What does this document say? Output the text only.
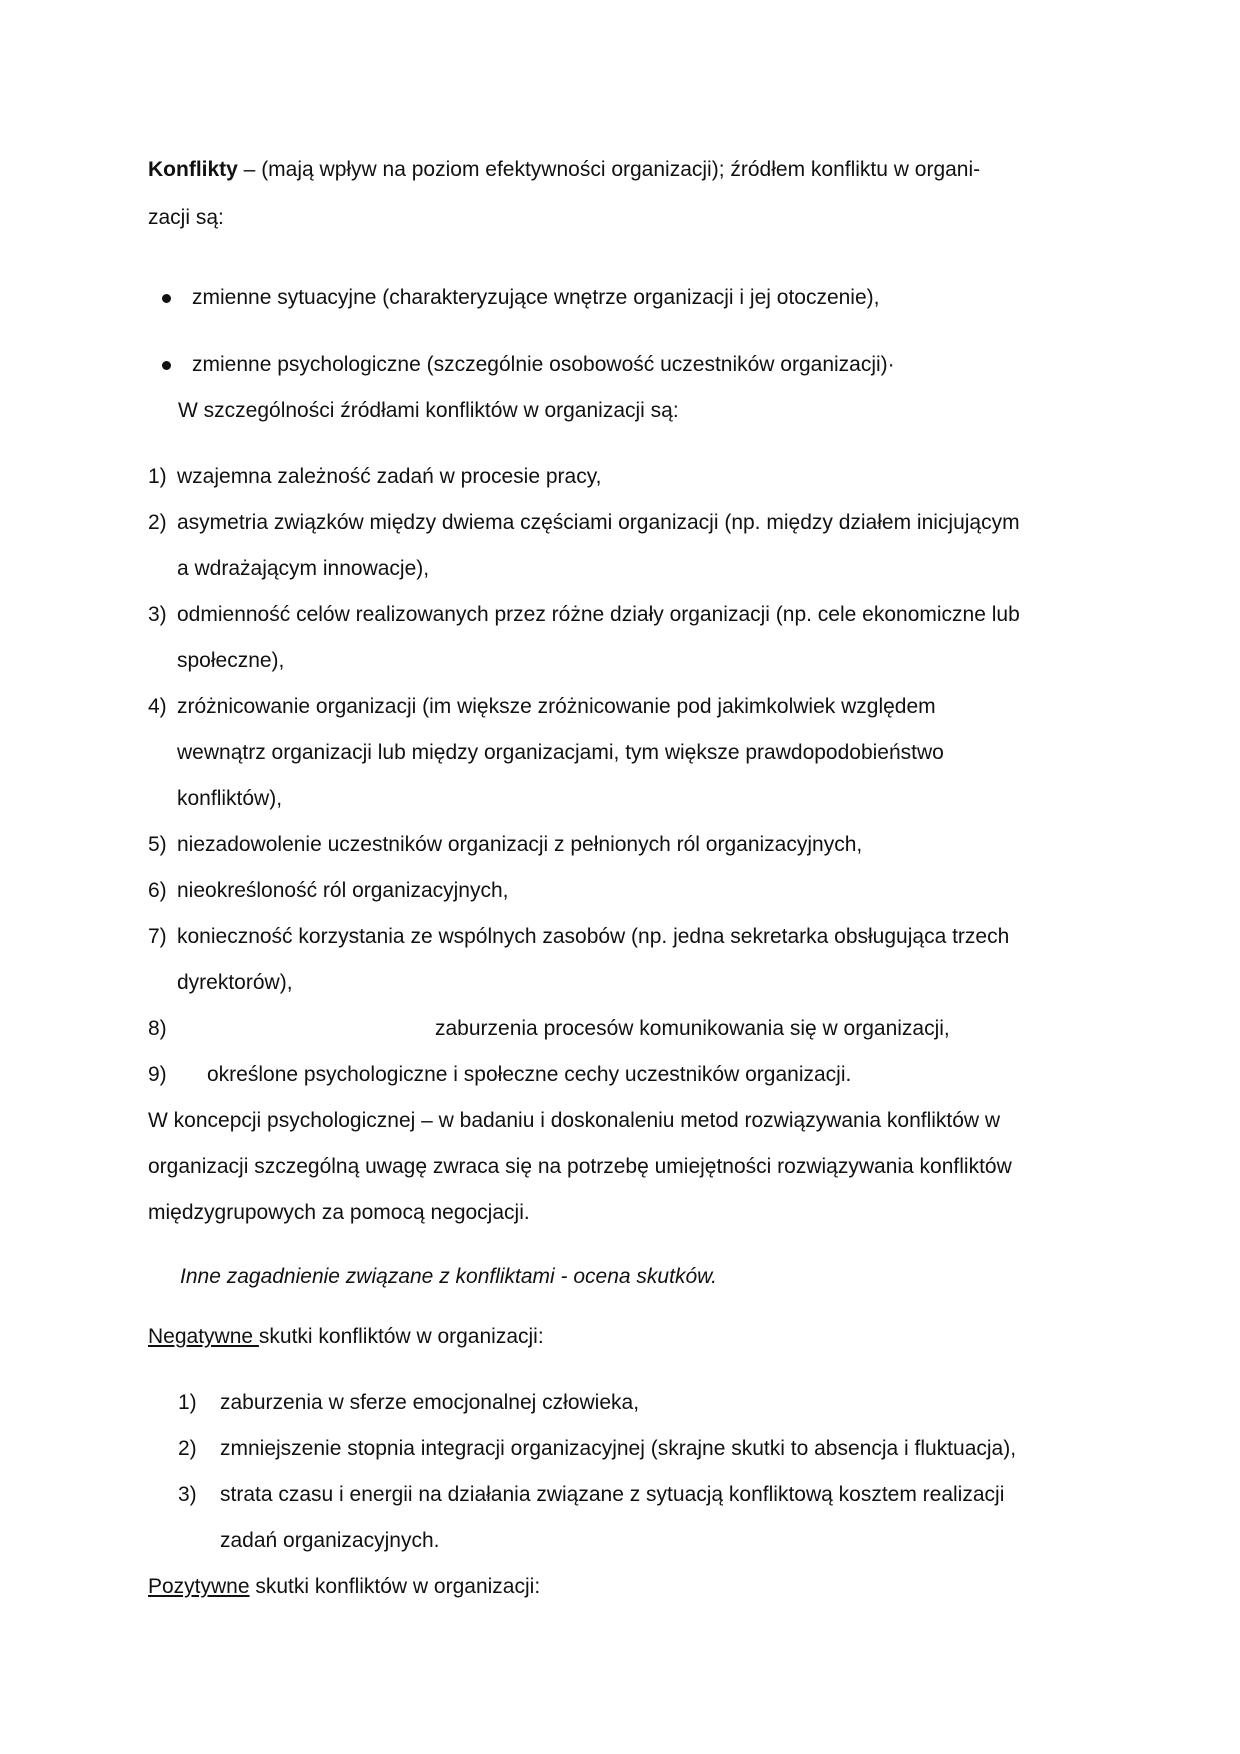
Konflikty – (mają wpływ na poziom efektywności organizacji); źródłem konfliktu w organi-
zacji są:
zmienne sytuacyjne (charakteryzujące wnętrze organizacji i jej otoczenie),
zmienne psychologiczne (szczególnie osobowość uczestników organizacji)·
W szczególności źródłami konfliktów w organizacji są:
1) wzajemna zależność zadań w procesie pracy,
2) asymetria związków między dwiema częściami organizacji (np. między działem inicjującym
a wdrażającym innowacje),
3) odmienność celów realizowanych przez różne działy organizacji (np. cele ekonomiczne lub
społeczne),
4) zróżnicowanie organizacji (im większe zróżnicowanie pod jakimkolwiek względem
wewnątrz organizacji lub między organizacjami, tym większe prawdopodobieństwo
konfliktów),
5) niezadowolenie uczestników organizacji z pełnionych ról organizacyjnych,
6) nieokreśloność ról organizacyjnych,
7) konieczność korzystania ze wspólnych zasobów (np. jedna sekretarka obsługująca trzech
dyrektorów),
8)	zaburzenia procesów komunikowania się w organizacji,
9) określone psychologiczne i społeczne cechy uczestników organizacji.
W koncepcji psychologicznej – w badaniu i doskonaleniu metod rozwiązywania konfliktów w
organizacji szczególną uwagę zwraca się na potrzebę umiejętności rozwiązywania konfliktów
międzygrupowych za pomocą negocjacji.
Inne zagadnienie związane z konfliktami - ocena skutków.
Negatywne skutki konfliktów w organizacji:
1) zaburzenia w sferze emocjonalnej człowieka,
2) zmniejszenie stopnia integracji organizacyjnej (skrajne skutki to absencja i fluktuacja),
3) strata czasu i energii na działania związane z sytuacją konfliktową kosztem realizacji
zadań organizacyjnych.
Pozytywne skutki konfliktów w organizacji:
